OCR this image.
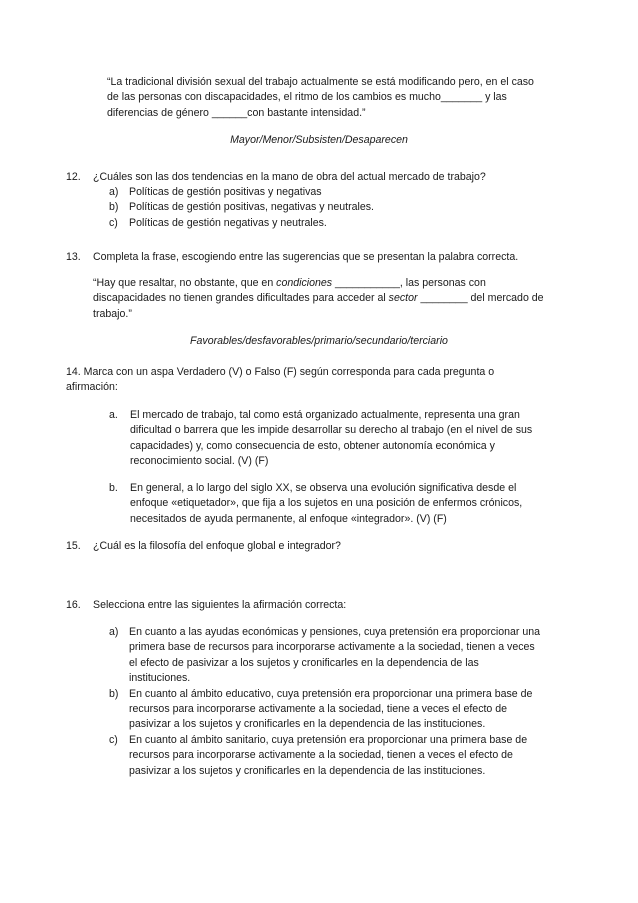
“La tradicional división sexual del trabajo actualmente se está modificando pero, en el caso
de las personas con discapacidades, el ritmo de los cambios es mucho_______ y las
diferencias de género ______con bastante intensidad.”
Mayor/Menor/Subsisten/Desaparecen
12. ¿Cuáles son las dos tendencias en la mano de obra del actual mercado de trabajo?
a) Políticas de gestión positivas y negativas
b) Políticas de gestión positivas, negativas y neutrales.
c) Políticas de gestión negativas y neutrales.
13. Completa la frase, escogiendo entre las sugerencias que se presentan la palabra correcta.
“Hay que resaltar, no obstante, que en condiciones ___________, las personas con
discapacidades no tienen grandes dificultades para acceder al sector ________ del mercado de
trabajo.”
Favorables/desfavorables/primario/secundario/terciario
14. Marca con un aspa Verdadero (V) o Falso (F) según corresponda para cada pregunta o
afirmación:
a. El mercado de trabajo, tal como está organizado actualmente, representa una gran
dificultad o barrera que les impide desarrollar su derecho al trabajo (en el nivel de sus
capacidades) y, como consecuencia de esto, obtener autonomía económica y
reconocimiento social. (V) (F)
b. En general, a lo largo del siglo XX, se observa una evolución significativa desde el
enfoque «etiquetador», que fija a los sujetos en una posición de enfermos crónicos,
necesitados de ayuda permanente, al enfoque «integrador». (V) (F)
15. ¿Cuál es la filosofía del enfoque global e integrador?
16. Selecciona entre las siguientes la afirmación correcta:
a) En cuanto a las ayudas económicas y pensiones, cuya pretensión era proporcionar una
primera base de recursos para incorporarse activamente a la sociedad, tienen a veces
el efecto de pasivizar a los sujetos y cronificarles en la dependencia de las
instituciones.
b) En cuanto al ámbito educativo, cuya pretensión era proporcionar una primera base de
recursos para incorporarse activamente a la sociedad, tiene a veces el efecto de
pasivizar a los sujetos y cronificarles en la dependencia de las instituciones.
c) En cuanto al ámbito sanitario, cuya pretensión era proporcionar una primera base de
recursos para incorporarse activamente a la sociedad, tienen a veces el efecto de
pasivizar a los sujetos y cronificarles en la dependencia de las instituciones.
